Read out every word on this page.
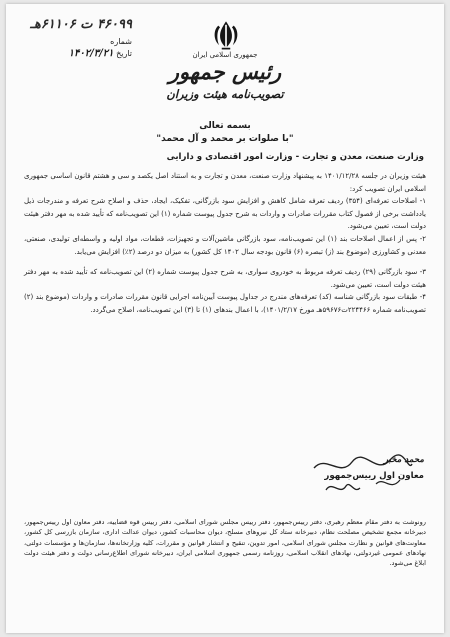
جمهوری اسلامی ایران
رئیس جمهور
تصویب‌نامه هیئت وزیران
۴۶۰۹۹ ت ۶۱۱۰۶هـ
شماره
تاریخ ۱۴۰۲/۳/۲۱
بسمه تعالی
"با صلوات بر محمد و آل محمد"
وزارت صنعت، معدن و تجارت - وزارت امور اقتصادی و دارایی

هیئت وزیران در جلسه ۱۴۰۱/۱۲/۲۸ به پیشنهاد وزارت صنعت، معدن و تجارت و به استناد اصل یکصد و سی و هشتم قانون اساسی جمهوری اسلامی ایران تصویب کرد:

۱- اصلاحات تعرفه‌ای (۳۵۴) ردیف تعرفه شامل کاهش و افزایش سود بازرگانی، تفکیک، ایجاد، حذف و اصلاح شرح تعرفه و مندرجات ذیل یادداشت برخی از فصول کتاب مقررات صادرات و واردات به شرح جدول پیوست شماره (۱) این تصویب‌نامه که تأیید شده به مهر دفتر هیئت دولت است، تعیین می‌شود.

۲- پس از اعمال اصلاحات بند (۱) این تصویب‌نامه، سود بازرگانی ماشین‌آلات و تجهیزات، قطعات، مواد اولیه و واسطه‌ای تولیدی، صنعتی، معدنی و کشاورزی (موضوع بند (ز) تبصره (۶) قانون بودجه سال ۱۴۰۲ کل کشور) به میزان دو درصد (۲٪) افزایش می‌یابد.

۳- سود بازرگانی (۲۹) ردیف تعرفه مربوط به خودروی سواری، به شرح جدول پیوست شماره (۲) این تصویب‌نامه که تأیید شده به مهر دفتر هیئت دولت است، تعیین می‌شود.

۴- طبقات سود بازرگانی شناسه (کد) تعرفه‌های مندرج در جداول پیوست آیین‌نامه اجرایی قانون مقررات صادرات و واردات (موضوع بند (۲) تصویب‌نامه شماره ۲۲۴۴۶۶ت۵۹۶۷۶هـ مورخ ۱۴۰۱/۲/۱۷)، با اعمال بندهای (۱) تا (۳) این تصویب‌نامه، اصلاح می‌گردد.

محمد مخبر
معاون اول رییس‌جمهور

رونوشت به دفتر مقام معظم رهبری، دفتر رییس‌جمهور، دفتر رییس مجلس شورای اسلامی، دفتر رییس قوه قضاییه، دفتر معاون اول رییس‌جمهور، دبیرخانه مجمع تشخیص مصلحت نظام، دبیرخانه ستاد کل نیروهای مسلح، دیوان محاسبات کشور، دیوان عدالت اداری، سازمان بازرسی کل کشور، معاونت‌های قوانین و نظارت مجلس شورای اسلامی، امور تدوین، تنقیح و انتشار قوانین و مقررات، کلیه وزارتخانه‌ها، سازمان‌ها و مؤسسات دولتی، نهادهای عمومی غیردولتی، نهادهای انقلاب اسلامی، روزنامه رسمی جمهوری اسلامی ایران، دبیرخانه شورای اطلاع‌رسانی دولت و دفتر هیئت دولت ابلاغ می‌شود.
